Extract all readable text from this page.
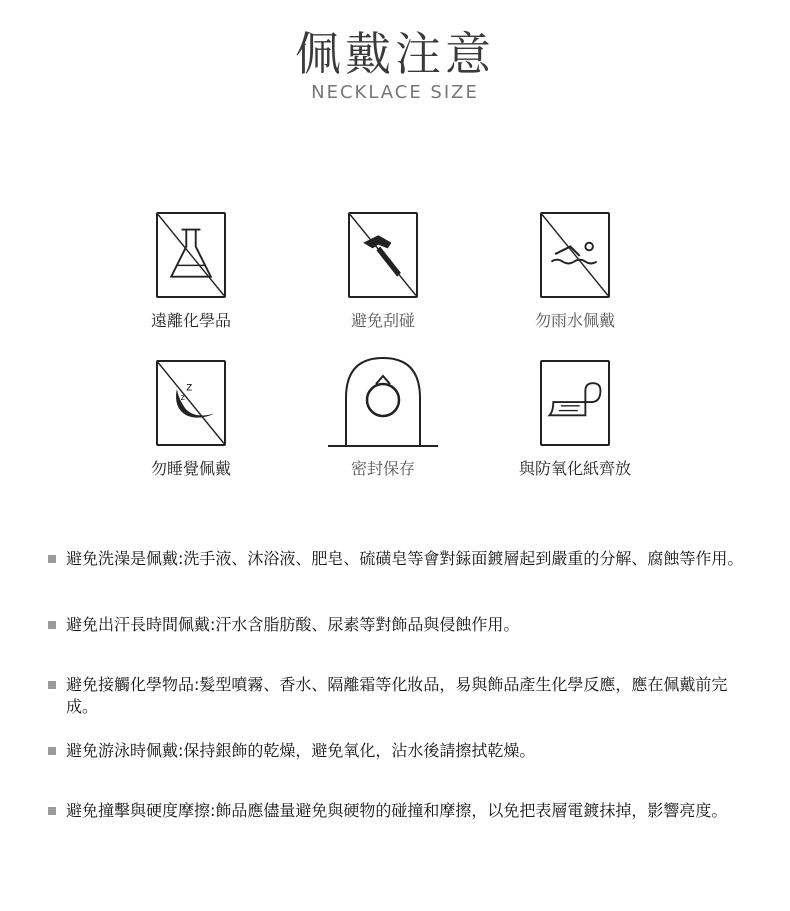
佩戴注意
NECKLACE SIZE
遠離化學品	避免刮碰	勿雨水佩戴
z
z
勿睡覺佩戴	密封保存	與防氧化紙齊放
避免洗澡是佩戴:洗手液、沐浴液、肥皂、硫磺皂等會對銾面鍍層起到嚴重的分解、腐蝕等作用。
避免出汗長時間佩戴:汗水含脂肪酸、尿素等對飾品與侵蝕作用。
避免接觸化學物品:髮型噴霧、香水、隔離霜等化妝品，易與飾品產生化學反應，應在佩戴前完成。
避免游泳時佩戴:保持銀飾的乾燥，避免氧化，沾水後請擦拭乾燥。
避免撞擊與硬度摩擦:飾品應儘量避免與硬物的碰撞和摩擦，以免把表層電鍍抹掉，影響亮度。
